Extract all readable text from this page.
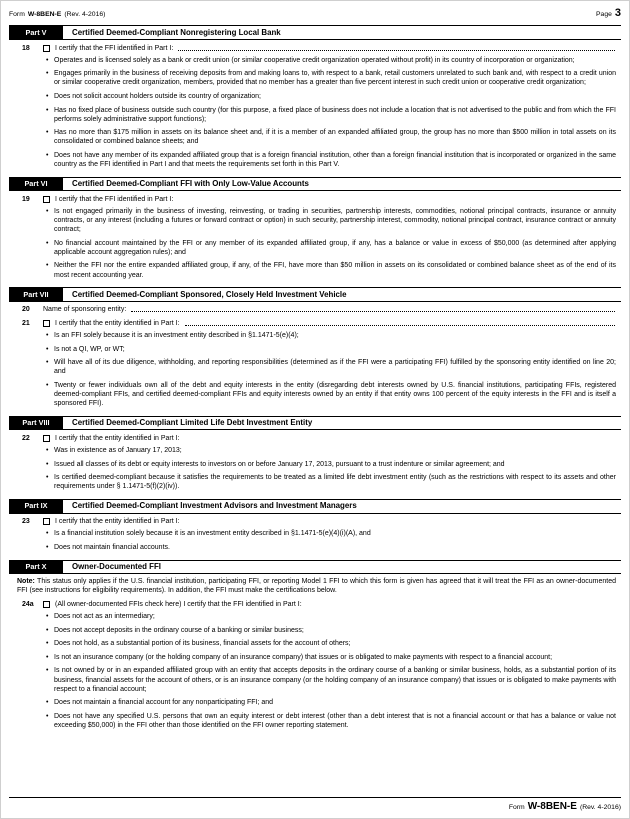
Form W-8BEN-E (Rev. 4-2016)	Page 3
Part V	Certified Deemed-Compliant Nonregistering Local Bank
18	I certify that the FFI identified in Part I:
• Operates and is licensed solely as a bank or credit union (or similar cooperative credit organization operated without profit) in its country of incorporation or organization;
• Engages primarily in the business of receiving deposits from and making loans to, with respect to a bank, retail customers unrelated to such bank and, with respect to a credit union or similar cooperative credit organization, members, provided that no member has a greater than five percent interest in such credit union or cooperative credit organization;
• Does not solicit account holders outside its country of organization;
• Has no fixed place of business outside such country (for this purpose, a fixed place of business does not include a location that is not advertised to the public and from which the FFI performs solely administrative support functions);
• Has no more than $175 million in assets on its balance sheet and, if it is a member of an expanded affiliated group, the group has no more than $500 million in total assets on its consolidated or combined balance sheets; and
• Does not have any member of its expanded affiliated group that is a foreign financial institution, other than a foreign financial institution that is incorporated or organized in the same country as the FFI identified in Part I and that meets the requirements set forth in this Part V.
Part VI	Certified Deemed-Compliant FFI with Only Low-Value Accounts
19	I certify that the FFI identified in Part I:
• Is not engaged primarily in the business of investing, reinvesting, or trading in securities, partnership interests, commodities, notional principal contracts, insurance or annuity contracts, or any interest (including a futures or forward contract or option) in such security, partnership interest, commodity, notional principal contract, insurance contract or annuity contract;
• No financial account maintained by the FFI or any member of its expanded affiliated group, if any, has a balance or value in excess of $50,000 (as determined after applying applicable account aggregation rules); and
• Neither the FFI nor the entire expanded affiliated group, if any, of the FFI, have more than $50 million in assets on its consolidated or combined balance sheet as of the end of its most recent accounting year.
Part VII	Certified Deemed-Compliant Sponsored, Closely Held Investment Vehicle
20	Name of sponsoring entity:
21	I certify that the entity identified in Part I:
• Is an FFI solely because it is an investment entity described in §1.1471-5(e)(4);
• Is not a QI, WP, or WT;
• Will have all of its due diligence, withholding, and reporting responsibilities (determined as if the FFI were a participating FFI) fulfilled by the sponsoring entity identified on line 20; and
• Twenty or fewer individuals own all of the debt and equity interests in the entity (disregarding debt interests owned by U.S. financial institutions, participating FFIs, registered deemed-compliant FFIs, and certified deemed-compliant FFIs and equity interests owned by an entity if that entity owns 100 percent of the equity interests in the FFI and is itself a sponsored FFI).
Part VIII	Certified Deemed-Compliant Limited Life Debt Investment Entity
22	I certify that the entity identified in Part I:
• Was in existence as of January 17, 2013;
• Issued all classes of its debt or equity interests to investors on or before January 17, 2013, pursuant to a trust indenture or similar agreement; and
• Is certified deemed-compliant because it satisfies the requirements to be treated as a limited life debt investment entity (such as the restrictions with respect to its assets and other requirements under § 1.1471-5(f)(2)(iv)).
Part IX	Certified Deemed-Compliant Investment Advisors and Investment Managers
23	I certify that the entity identified in Part I:
• Is a financial institution solely because it is an investment entity described in §1.1471-5(e)(4)(i)(A), and
• Does not maintain financial accounts.
Part X	Owner-Documented FFI

Note: This status only applies if the U.S. financial institution, participating FFI, or reporting Model 1 FFI to which this form is given has agreed that it will treat the FFI as an owner-documented FFI (see instructions for eligibility requirements). In addition, the FFI must make the certifications below.

24a	(All owner-documented FFIs check here) I certify that the FFI identified in Part I:
• Does not act as an intermediary;
• Does not accept deposits in the ordinary course of a banking or similar business;
• Does not hold, as a substantial portion of its business, financial assets for the account of others;
• Is not an insurance company (or the holding company of an insurance company) that issues or is obligated to make payments with respect to a financial account;
• Is not owned by or in an expanded affiliated group with an entity that accepts deposits in the ordinary course of a banking or similar business, holds, as a substantial portion of its business, financial assets for the account of others, or is an insurance company (or the holding company of an insurance company) that issues or is obligated to make payments with respect to a financial account;
• Does not maintain a financial account for any nonparticipating FFI; and
• Does not have any specified U.S. persons that own an equity interest or debt interest (other than a debt interest that is not a financial account or that has a balance or value not exceeding $50,000) in the FFI other than those identified on the FFI owner reporting statement.
Form W-8BEN-E (Rev. 4-2016)
